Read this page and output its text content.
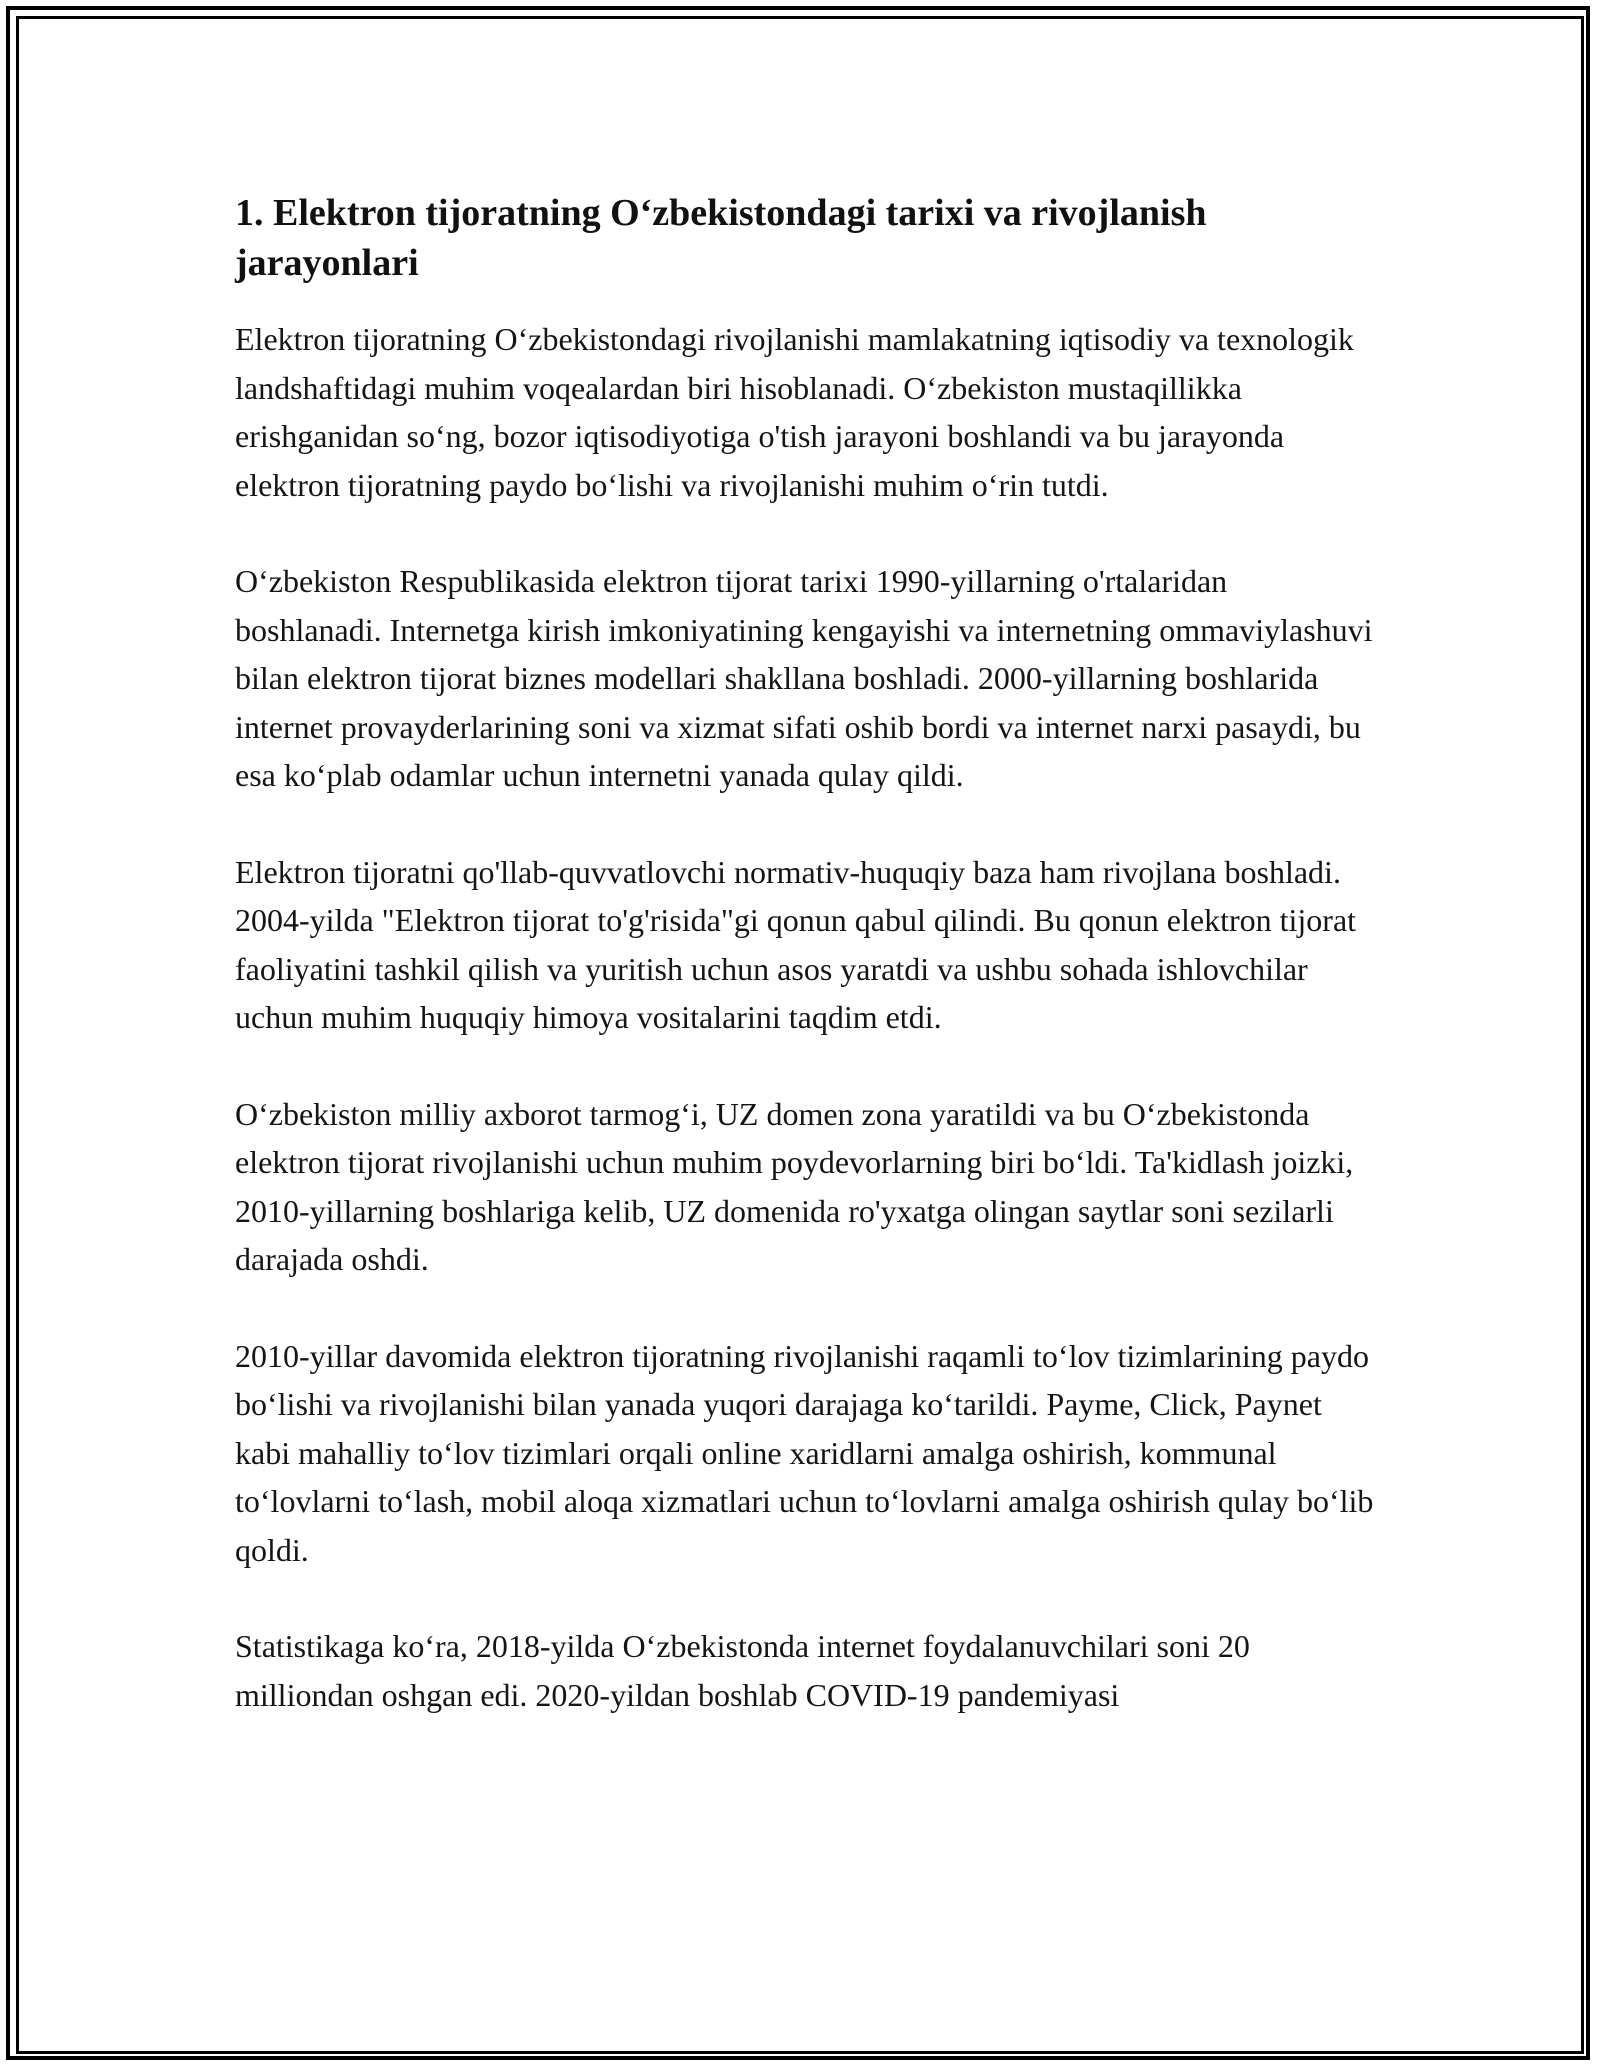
1. Elektron tijoratning O‘zbekistondagi tarixi va rivojlanish jarayonlari

Elektron tijoratning O‘zbekistondagi rivojlanishi mamlakatning iqtisodiy va texnologik landshaftidagi muhim voqealardan biri hisoblanadi. O‘zbekiston mustaqillikka erishganidan so‘ng, bozor iqtisodiyotiga o'tish jarayoni boshlandi va bu jarayonda elektron tijoratning paydo bo‘lishi va rivojlanishi muhim o‘rin tutdi.

O‘zbekiston Respublikasida elektron tijorat tarixi 1990-yillarning o'rtalaridan boshlanadi. Internetga kirish imkoniyatining kengayishi va internetning ommaviylashuvi bilan elektron tijorat biznes modellari shakllana boshladi. 2000-yillarning boshlarida internet provayderlarining soni va xizmat sifati oshib bordi va internet narxi pasaydi, bu esa ko‘plab odamlar uchun internetni yanada qulay qildi.

Elektron tijoratni qo'llab-quvvatlovchi normativ-huquqiy baza ham rivojlana boshladi. 2004-yilda "Elektron tijorat to'g'risida"gi qonun qabul qilindi. Bu qonun elektron tijorat faoliyatini tashkil qilish va yuritish uchun asos yaratdi va ushbu sohada ishlovchilar uchun muhim huquqiy himoya vositalarini taqdim etdi.

O‘zbekiston milliy axborot tarmog‘i, UZ domen zona yaratildi va bu O‘zbekistonda elektron tijorat rivojlanishi uchun muhim poydevorlarning biri bo‘ldi. Ta'kidlash joizki, 2010-yillarning boshlariga kelib, UZ domenida ro'yxatga olingan saytlar soni sezilarli darajada oshdi.

2010-yillar davomida elektron tijoratning rivojlanishi raqamli to‘lov tizimlarining paydo bo‘lishi va rivojlanishi bilan yanada yuqori darajaga ko‘tarildi. Payme, Click, Paynet kabi mahalliy to‘lov tizimlari orqali online xaridlarni amalga oshirish, kommunal to‘lovlarni to‘lash, mobil aloqa xizmatlari uchun to‘lovlarni amalga oshirish qulay bo‘lib qoldi.

Statistikaga ko‘ra, 2018-yilda O‘zbekistonda internet foydalanuvchilari soni 20 milliondan oshgan edi. 2020-yildan boshlab COVID-19 pandemiyasi
